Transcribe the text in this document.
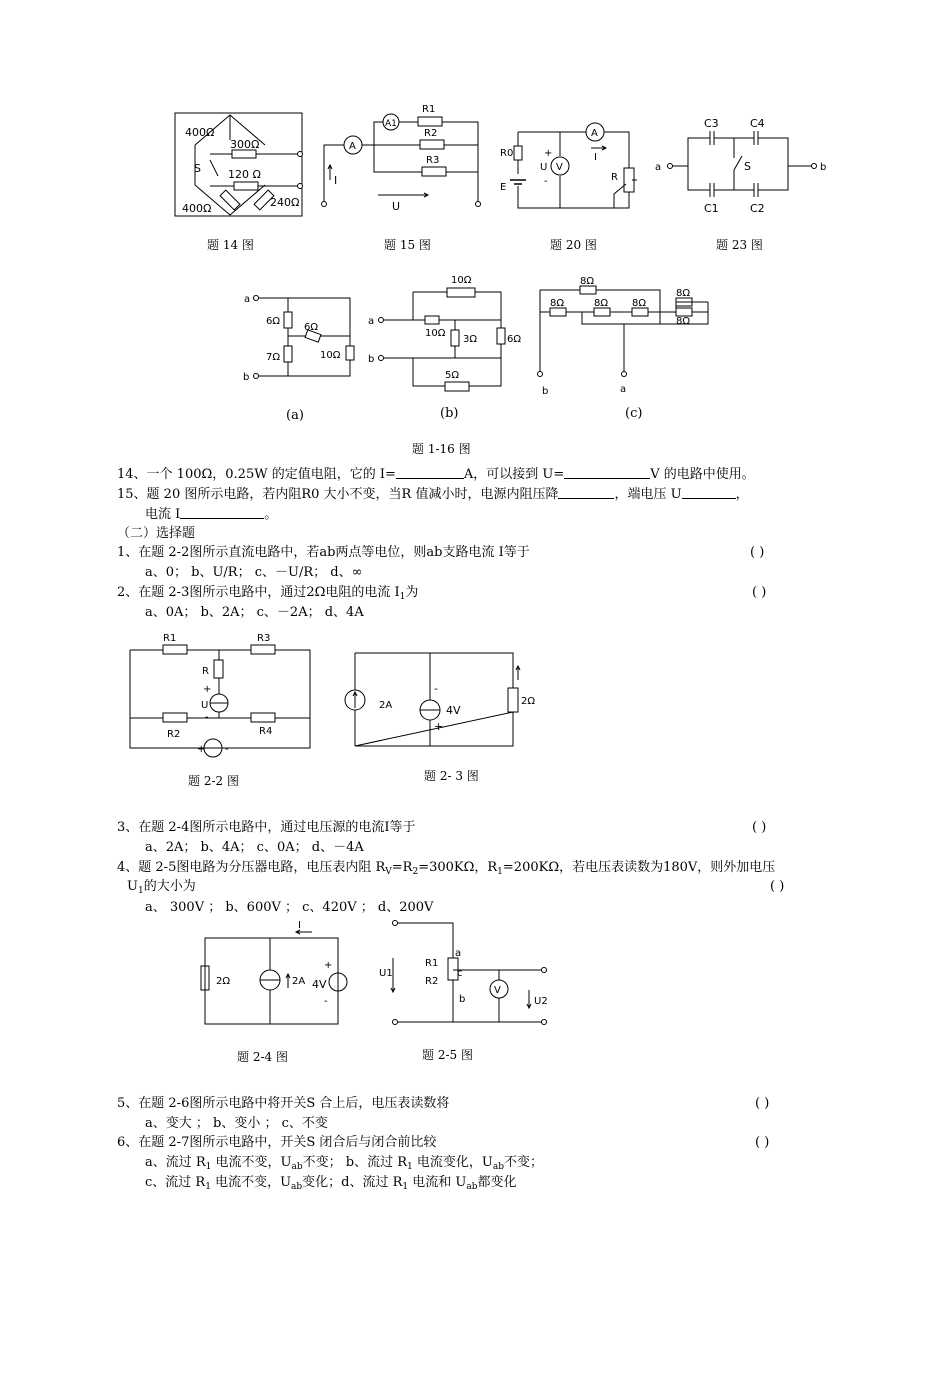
400Ω
300Ω
S 120 Ω
400Ω	240Ω
题 14 图
A
A1
R1
R2
R3
I
U
题 15 图
R0
U V
+
-
E
A
I
R
题 20 图
C3	C4
C1	C2
S
a	b
题 23 图
a
b
6Ω
6Ω
7Ω	10Ω
(a)
a
b
10Ω
10Ω
3Ω	6Ω
5Ω
(b)
8Ω
8Ω	8Ω 8Ω
8Ω
8Ω
b	a
(c)
题 1-16 图
14、一个 100Ω，0.25W 的定值电阻，它的 I=	A，可以接到 U=	V 的电路中使用。
15、题 20 图所示电路，若内阻R0 大小不变，当R 值减小时，电源内阻压降	，端电压 U	，
电流 I	。
（二）选择题
1、在题 2-2图所示直流电路中，若ab两点等电位，则ab支路电流 I等于	( )
a、0； b、U/R； c、－U/R； d、∞
2、在题 2-3图所示电路中，通过2Ω电阻的电流 $I_1$为	( )
a、0A； b、2A； c、－2A； d、4A
R1	R3
R
+
U
-
R2	R4
+ -
题 2-2 图
2A	4V
-
+
2Ω
题 2- 3 图
3、在题 2-4图所示电路中，通过电压源的电流I等于	( )
a、2A； b、4A； c、0A； d、－4A
4、题 2-5图电路为分压器电路，电压表内阻 $R_V=R_2=300K\Omega$，$R_1=200K\Omega$，若电压表读数为180V，则外加电压
$U_1$的大小为	( )
a、 300V ； b、600V ； c、420V ； d、200V
2Ω	2A 4V
+
-
I
题 2-4 图
V
R1
R2
a
c
b
U1
U2
题 2-5 图
5、在题 2-6图所示电路中将开关S 合上后，电压表读数将	( )
a、变大 ； b、变小 ； c、不变
6、在题 2-7图所示电路中，开关S 闭合后与闭合前比较	( )
a、流过 $R_1$ 电流不变，$U_{ab}$不变； b、流过 $R_1$ 电流变化，$U_{ab}$不变；
c、流过 $R_1$ 电流不变，$U_{ab}$变化；d、流过 $R_1$ 电流和 $U_{ab}$都变化
